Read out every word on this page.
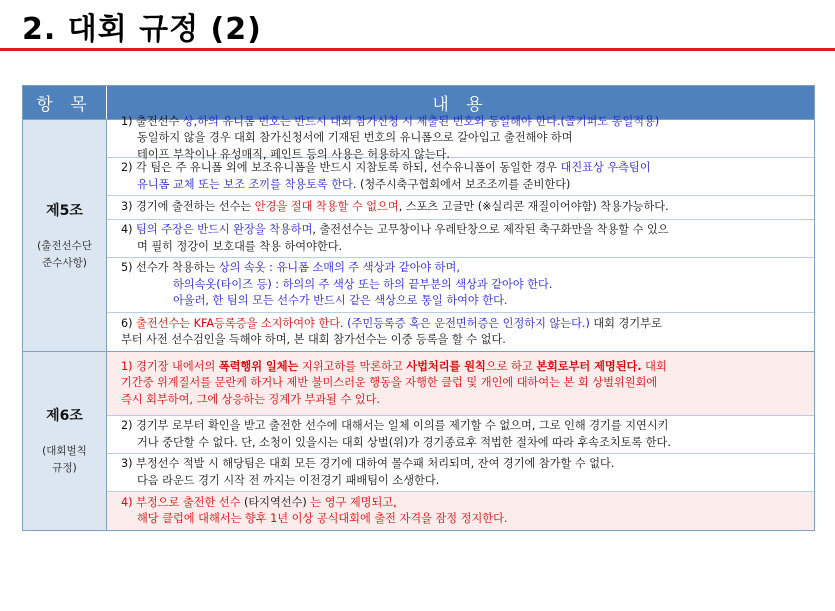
2. 대회 규정 (2)
항 목	내 용
제5조
(출전선수단
준수사항)
1) 출전선수 상,하의 유니폼 번호는 반드시 대회 참가신청 시 제출된 번호와 동일해야 한다.(골키퍼도 동일적용)
동일하지 않을 경우 대회 참가신청서에 기재된 번호의 유니폼으로 갈아입고 출전해야 하며
테이프 부착이나 유성매직, 페인트 등의 사용은 허용하지 않는다.
2) 각 팀은 주 유니폼 외에 보조유니폼을 반드시 지참토록 하되, 선수유니폼이 동일한 경우 대진표상 우측팀이
유니폼 교체 또는 보조 조끼를 착용토록 한다. (청주시축구협회에서 보조조끼를 준비한다)
3) 경기에 출전하는 선수는 안경을 절대 착용할 수 없으며, 스포츠 고글만 (※실리콘 재질이어야함) 착용가능하다.
4) 팀의 주장은 반드시 완장을 착용하며, 출전선수는 고무창이나 우레탄창으로 제작된 축구화만을 착용할 수 있으
며 필히 정강이 보호대를 착용 하여야한다.
5) 선수가 착용하는 상의 속옷 : 유니폼 소매의 주 색상과 같아야 하며,
하의속옷(타이즈 등) : 하의의 주 색상 또는 하의 끝부분의 색상과 같아야 한다.
아울러, 한 팀의 모든 선수가 반드시 같은 색상으로 통일 하여야 한다.
6) 출전선수는 KFA등록증을 소지하여야 한다. (주민등록증 혹은 운전면허증은 인정하지 않는다.) 대회 경기부로
부터 사전 선수검인을 득해야 하며, 본 대회 참가선수는 이중 등록을 할 수 없다.
제6조
(대회벌칙
규정)
1) 경기장 내에서의 폭력행위 일체는 지위고하를 막론하고 사법처리를 원칙으로 하고 본회로부터 제명된다. 대회
기간중 위계질서를 문란케 하거나 제반 불미스러운 행동을 자행한 클럽 및 개인에 대하여는 본 회 상벌위원회에
즉시 회부하여, 그에 상응하는 징계가 부과될 수 있다.
2) 경기부 로부터 확인을 받고 출전한 선수에 대해서는 일체 이의를 제기할 수 없으며, 그로 인해 경기를 지연시키
거나 중단할 수 없다. 단, 소청이 있을시는 대회 상벌(위)가 경기종료후 적법한 절차에 따라 후속조치토록 한다.
3) 부정선수 적발 시 해당팀은 대회 모든 경기에 대하여 몰수패 처리되며, 잔여 경기에 참가할 수 없다.
다음 라운드 경기 시작 전 까지는 이전경기 패배팀이 소생한다.
4) 부정으로 출전한 선수 (타지역선수) 는 영구 제명되고,
해당 클럽에 대해서는 향후 1년 이상 공식대회에 출전 자격을 잠정 정지한다.
